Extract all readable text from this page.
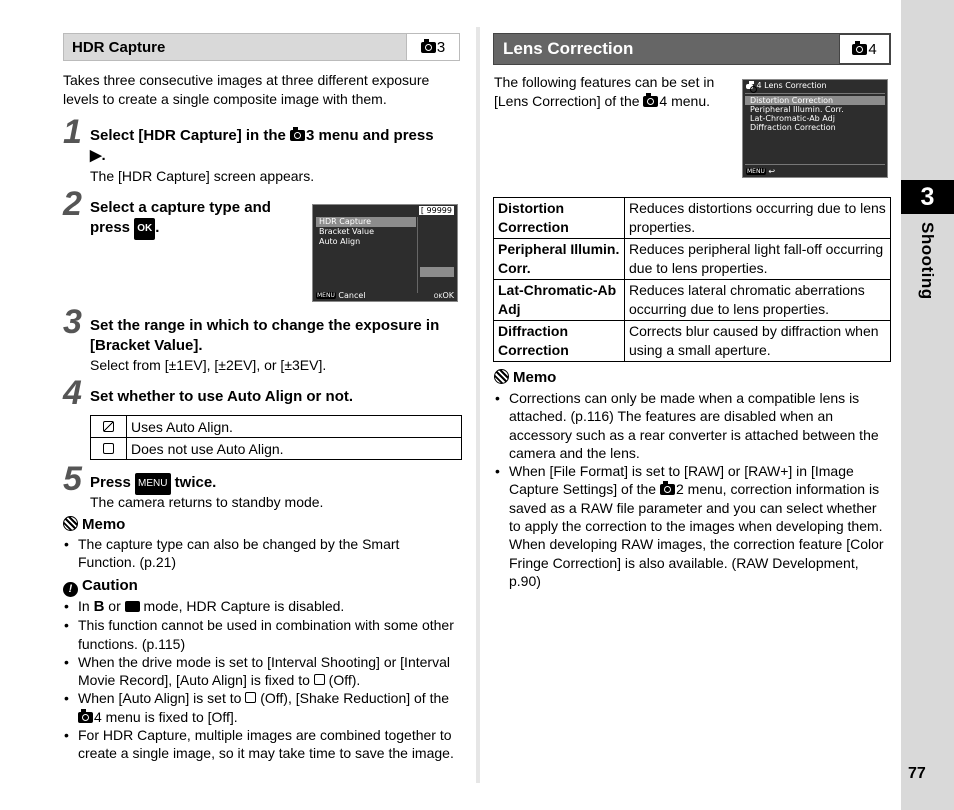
HDR Capture	3
Takes three consecutive images at three different exposure levels to create a single composite image with them.
1 Select [HDR Capture] in the 3 menu and press
▶.
The [HDR Capture] screen appears.
2 Select a capture type and press OK .
[ 99999
HDR Capture
Bracket Value
Auto Align
MENU Cancel	OKOK
3 Set the range in which to change the exposure in [Bracket Value].
Select from [±1EV], [±2EV], or [±3EV].
4 Set whether to use Auto Align or not.
	Uses Auto Align.
	Does not use Auto Align.
5 Press MENU twice.
The camera returns to standby mode.
Memo
• The capture type can also be changed by the Smart Function. (p.21)
! Caution
• In B or  mode, HDR Capture is disabled.
• This function cannot be used in combination with some other functions. (p.115)
• When the drive mode is set to [Interval Shooting] or [Interval Movie Record], [Auto Align] is fixed to  (Off).
• When [Auto Align] is set to  (Off), [Shake Reduction] of the 4 menu is fixed to [Off].
• For HDR Capture, multiple images are combined together to create a single image, so it may take time to save the image.
Lens Correction	4
The following features can be set in [Lens Correction] of the 4 menu.
4 Lens Correction
Distortion Correction
Peripheral Illumin. Corr.
Lat-Chromatic-Ab Adj
Diffraction Correction
MENU ↩
Distortion Correction	Reduces distortions occurring due to lens properties.
Peripheral Illumin. Corr.	Reduces peripheral light fall-off occurring due to lens properties.
Lat-Chromatic-Ab Adj	Reduces lateral chromatic aberrations occurring due to lens properties.
Diffraction Correction	Corrects blur caused by diffraction when using a small aperture.
Memo
• Corrections can only be made when a compatible lens is attached. (p.116) The features are disabled when an accessory such as a rear converter is attached between the camera and the lens.
• When [File Format] is set to [RAW] or [RAW+] in [Image Capture Settings] of the 2 menu, correction information is saved as a RAW file parameter and you can select whether to apply the correction to the images when developing them. When developing RAW images, the correction feature [Color Fringe Correction] is also available. (RAW Development, p.90)
3
Shooting
77
